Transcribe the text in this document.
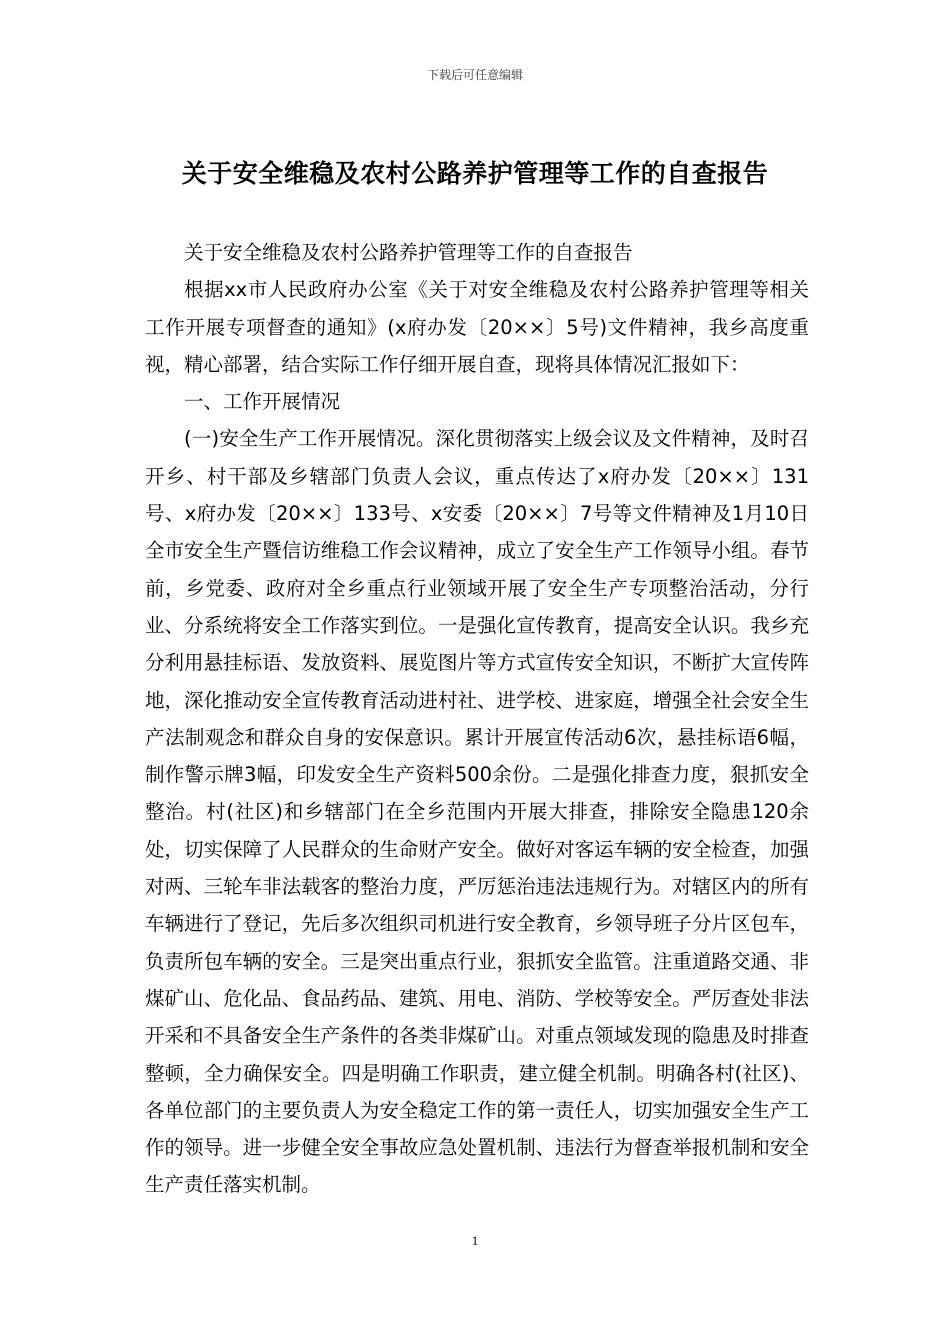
下载后可任意编辑
关于安全维稳及农村公路养护管理等工作的自查报告

关于安全维稳及农村公路养护管理等工作的自查报告

根据xx市人民政府办公室《关于对安全维稳及农村公路养护管理等相关工作开展专项督查的通知》(x府办发〔20××〕5号)文件精神，我乡高度重视，精心部署，结合实际工作仔细开展自查，现将具体情况汇报如下：

一、工作开展情况

(一)安全生产工作开展情况。深化贯彻落实上级会议及文件精神，及时召开乡、村干部及乡辖部门负责人会议，重点传达了x府办发〔20××〕131号、x府办发〔20××〕133号、x安委〔20××〕7号等文件精神及1月10日全市安全生产暨信访维稳工作会议精神，成立了安全生产工作领导小组。春节前，乡党委、政府对全乡重点行业领域开展了安全生产专项整治活动，分行业、分系统将安全工作落实到位。一是强化宣传教育，提高安全认识。我乡充分利用悬挂标语、发放资料、展览图片等方式宣传安全知识，不断扩大宣传阵地，深化推动安全宣传教育活动进村社、进学校、进家庭，增强全社会安全生产法制观念和群众自身的安保意识。累计开展宣传活动6次，悬挂标语6幅，制作警示牌3幅，印发安全生产资料500余份。二是强化排查力度，狠抓安全整治。村(社区)和乡辖部门在全乡范围内开展大排查，排除安全隐患120余处，切实保障了人民群众的生命财产安全。做好对客运车辆的安全检查，加强对两、三轮车非法载客的整治力度，严厉惩治违法违规行为。对辖区内的所有车辆进行了登记，先后多次组织司机进行安全教育，乡领导班子分片区包车，负责所包车辆的安全。三是突出重点行业，狠抓安全监管。注重道路交通、非煤矿山、危化品、食品药品、建筑、用电、消防、学校等安全。严厉查处非法开采和不具备安全生产条件的各类非煤矿山。对重点领域发现的隐患及时排查整顿，全力确保安全。四是明确工作职责，建立健全机制。明确各村(社区)、各单位部门的主要负责人为安全稳定工作的第一责任人，切实加强安全生产工作的领导。进一步健全安全事故应急处置机制、违法行为督查举报机制和安全生产责任落实机制。

1
